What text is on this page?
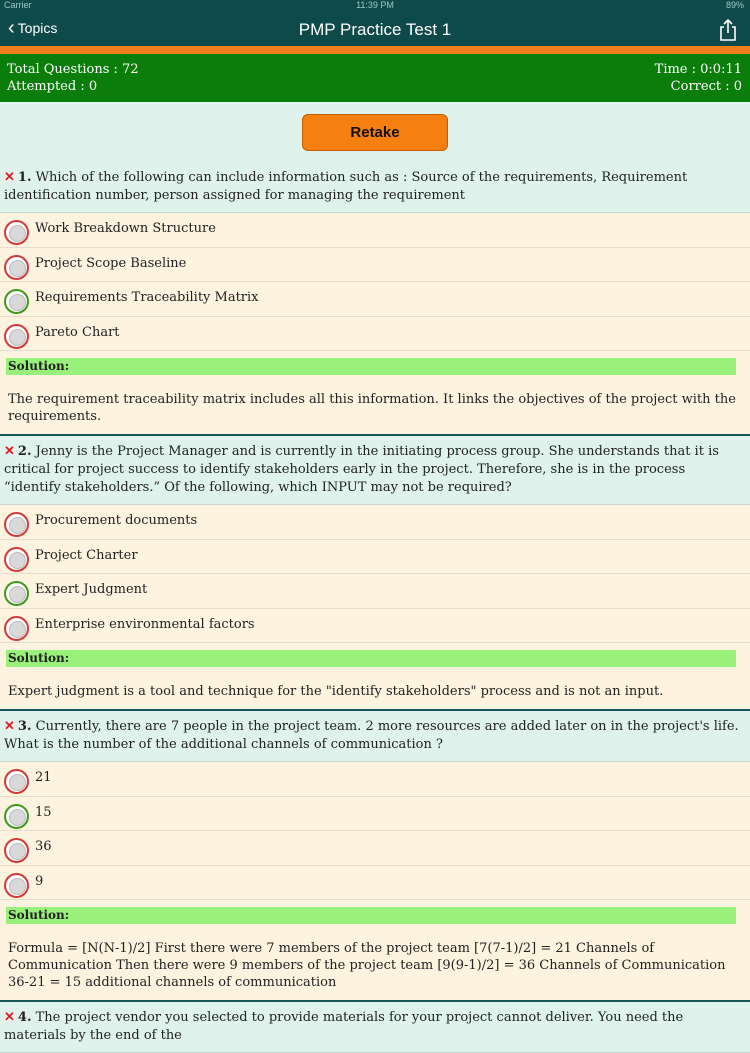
Carrier	11:39 PM	89%
‹ Topics	PMP Practice Test 1
Total Questions : 72
Attempted : 0
Time : 0:0:11
Correct : 0
Retake
✕ 1. Which of the following can include information such as : Source of the requirements, Requirement identification number, person assigned for managing the requirement
Work Breakdown Structure
Project Scope Baseline
Requirements Traceability Matrix
Pareto Chart
Solution:
The requirement traceability matrix includes all this information. It links the objectives of the project with the requirements.
✕ 2. Jenny is the Project Manager and is currently in the initiating process group. She understands that it is critical for project success to identify stakeholders early in the project. Therefore, she is in the process “identify stakeholders.” Of the following, which INPUT may not be required?
Procurement documents
Project Charter
Expert Judgment
Enterprise environmental factors
Solution:
Expert judgment is a tool and technique for the "identify stakeholders" process and is not an input.
✕ 3. Currently, there are 7 people in the project team. 2 more resources are added later on in the project's life. What is the number of the additional channels of communication ?
21
15
36
9
Solution:
Formula = [N(N-1)/2] First there were 7 members of the project team [7(7-1)/2] = 21 Channels of Communication Then there were 9 members of the project team [9(9-1)/2] = 36 Channels of Communication 36-21 = 15 additional channels of communication
✕ 4. The project vendor you selected to provide materials for your project cannot deliver. You need the materials by the end of the
